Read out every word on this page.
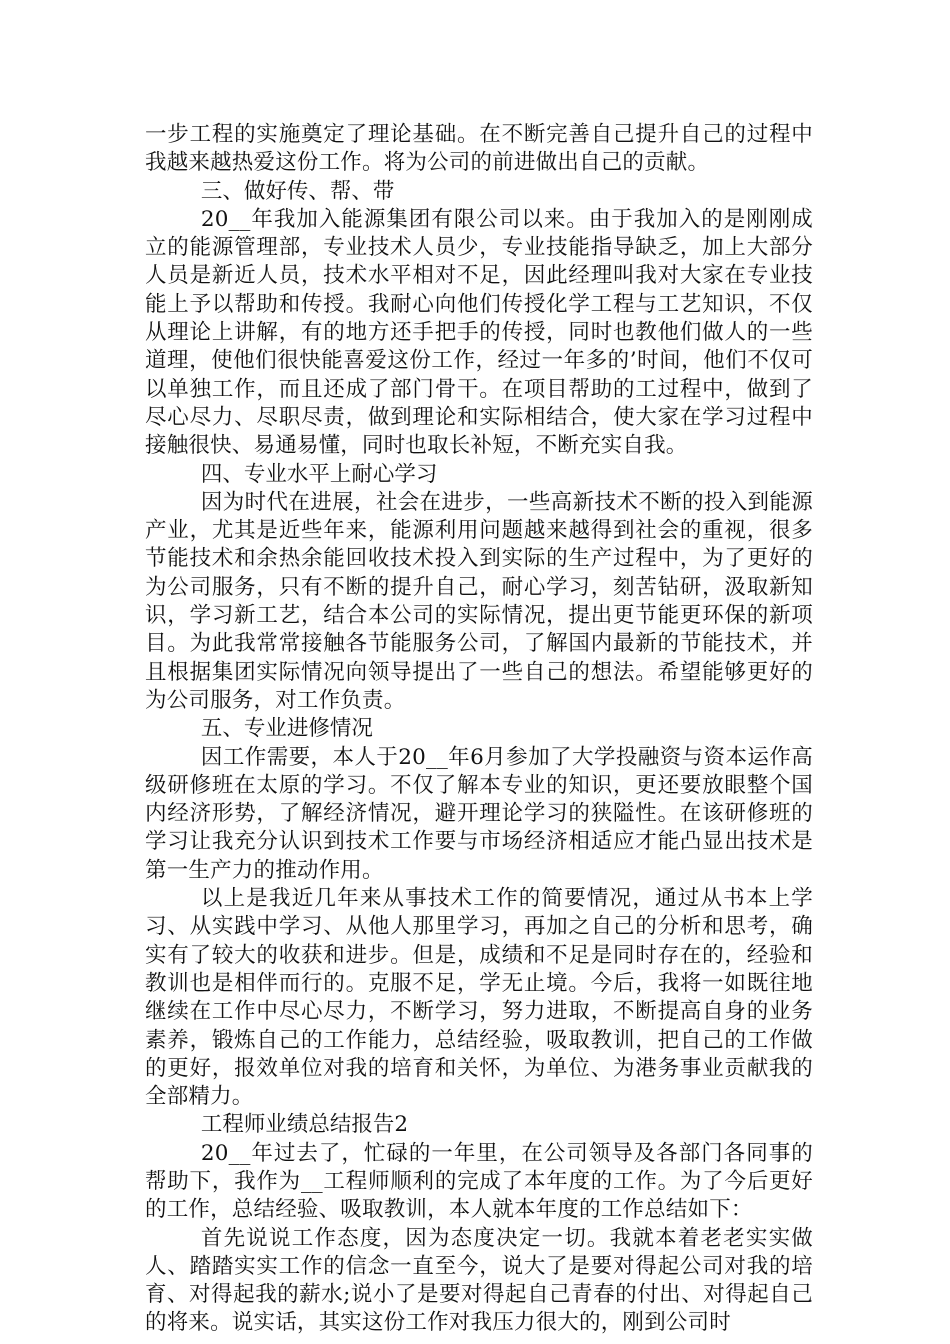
一步工程的实施奠定了理论基础。在不断完善自己提升自己的过程中我越来越热爱这份工作。将为公司的前进做出自己的贡献。

三、做好传、帮、带

20__年我加入能源集团有限公司以来。由于我加入的是刚刚成立的能源管理部，专业技术人员少，专业技能指导缺乏，加上大部分人员是新近人员，技术水平相对不足，因此经理叫我对大家在专业技能上予以帮助和传授。我耐心向他们传授化学工程与工艺知识，不仅从理论上讲解，有的地方还手把手的传授，同时也教他们做人的一些道理，使他们很快能喜爱这份工作，经过一年多的’时间，他们不仅可以单独工作，而且还成了部门骨干。在项目帮助的工过程中，做到了尽心尽力、尽职尽责，做到理论和实际相结合，使大家在学习过程中接触很快、易通易懂，同时也取长补短，不断充实自我。

四、专业水平上耐心学习

因为时代在进展，社会在进步，一些高新技术不断的投入到能源产业，尤其是近些年来，能源利用问题越来越得到社会的重视，很多节能技术和余热余能回收技术投入到实际的生产过程中，为了更好的为公司服务，只有不断的提升自己，耐心学习，刻苦钻研，汲取新知识，学习新工艺，结合本公司的实际情况，提出更节能更环保的新项目。为此我常常接触各节能服务公司，了解国内最新的节能技术，并且根据集团实际情况向领导提出了一些自己的想法。希望能够更好的为公司服务，对工作负责。

五、专业进修情况

因工作需要，本人于20__年6月参加了大学投融资与资本运作高级研修班在太原的学习。不仅了解本专业的知识，更还要放眼整个国内经济形势，了解经济情况，避开理论学习的狭隘性。在该研修班的学习让我充分认识到技术工作要与市场经济相适应才能凸显出技术是第一生产力的推动作用。

以上是我近几年来从事技术工作的简要情况，通过从书本上学习、从实践中学习、从他人那里学习，再加之自己的分析和思考，确实有了较大的收获和进步。但是，成绩和不足是同时存在的，经验和教训也是相伴而行的。克服不足，学无止境。今后，我将一如既往地继续在工作中尽心尽力，不断学习，努力进取，不断提高自身的业务素养，锻炼自己的工作能力，总结经验，吸取教训，把自己的工作做的更好，报效单位对我的培育和关怀，为单位、为港务事业贡献我的全部精力。

工程师业绩总结报告2

20__年过去了，忙碌的一年里，在公司领导及各部门各同事的帮助下，我作为__工程师顺利的完成了本年度的工作。为了今后更好的工作，总结经验、吸取教训，本人就本年度的工作总结如下：

首先说说工作态度，因为态度决定一切。我就本着老老实实做人、踏踏实实工作的信念一直至今，说大了是要对得起公司对我的培育、对得起我的薪水;说小了是要对得起自己青春的付出、对得起自己的将来。说实话，其实这份工作对我压力很大的，刚到公司时
